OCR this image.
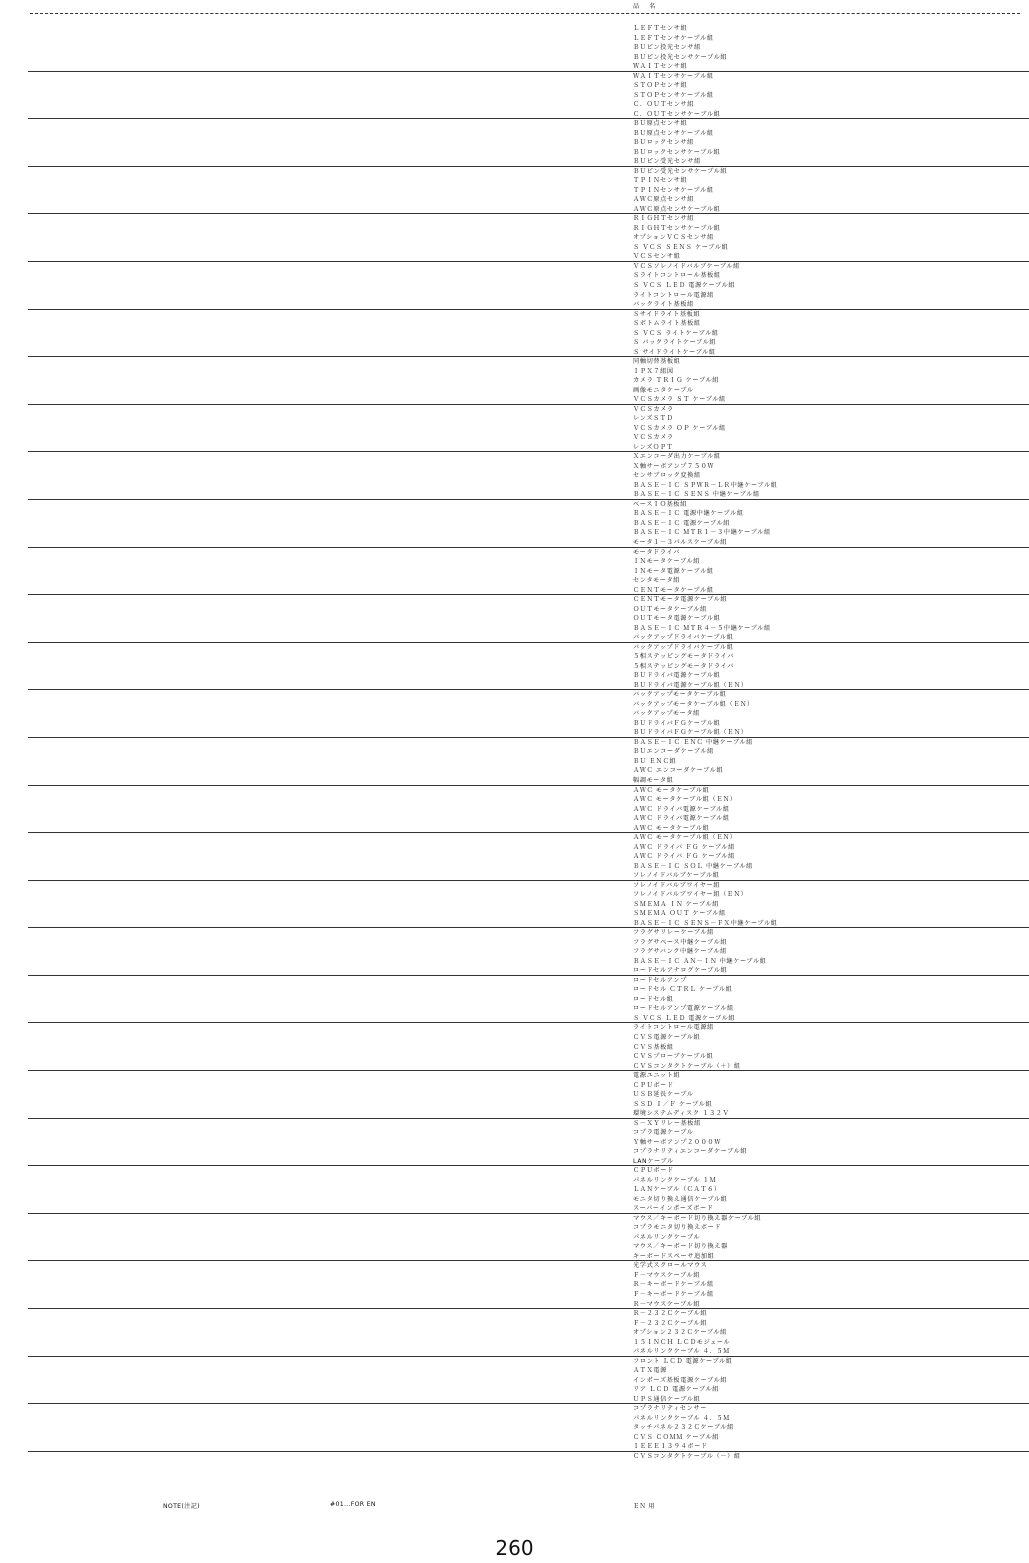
品 名
ＬＥＦＴセンサ組
ＬＥＦＴセンサケーブル組
ＢＵピン投光センサ組
ＢＵピン投光センサケーブル組
ＷＡＩＴセンサ組
ＷＡＩＴセンサケーブル組
ＳＴＯＰセンサ組
ＳＴＯＰセンサケーブル組
Ｃ．ＯＵＴセンサ組
Ｃ．ＯＵＴセンサケーブル組
ＢＵ原点センサ組
ＢＵ原点センサケーブル組
ＢＵロックセンサ組
ＢＵロックセンサケーブル組
ＢＵピン受光センサ組
ＢＵピン受光センサケーブル組
ＴＰＩＮセンサ組
ＴＰＩＮセンサケーブル組
ＡＷＣ原点センサ組
ＡＷＣ原点センサケーブル組
ＲＩＧＨＴセンサ組
ＲＩＧＨＴセンサケーブル組
オプションＶＣＳセンサ組
Ｓ ＶＣＳ ＳＥＮＳ ケーブル組
ＶＣＳセンサ組
ＶＣＳソレノイドバルブケーブル組
Ｓライトコントロール基板組
Ｓ ＶＣＳ ＬＥＤ 電源ケーブル組
ライトコントロール電源組
バックライト基板組
Ｓサイドライト基板組
Ｓボトムライト基板組
Ｓ ＶＣＳ ライトケーブル組
Ｓ バックライトケーブル組
Ｓ サイドライトケーブル組
同軸切替基板組
ＩＰＸ７組図
カメラ ＴＲＩＧ ケーブル組
画像モニタケーブル
ＶＣＳカメラ ＳＴ ケーブル組
ＶＣＳカメラ
レンズＳＴＤ
ＶＣＳカメラ ＯＰ ケーブル組
ＶＣＳカメラ
レンズＯＰＴ
Ｘエンコーダ出力ケーブル組
Ｘ軸サーボアンプ７５０Ｗ
センサブロック変換組
ＢＡＳＥ－ＩＣ ＳＰＷＲ－ＬＲ中継ケーブル組
ＢＡＳＥ－ＩＣ ＳＥＮＳ 中継ケーブル組
ベースＩＯ基板組
ＢＡＳＥ－ＩＣ 電源中継ケーブル組
ＢＡＳＥ－ＩＣ 電源ケーブル組
ＢＡＳＥ－ＩＣ ＭＴＲ１－３中継ケーブル組
モータ１－３パルスケーブル組
モータドライバ
ＩＮモータケーブル組
ＩＮモータ電源ケーブル組
センタモータ組
ＣＥＮＴモータケーブル組
ＣＥＮＴモータ電源ケーブル組
ＯＵＴモータケーブル組
ＯＵＴモータ電源ケーブル組
ＢＡＳＥ－ＩＣ ＭＴＲ４－５中継ケーブル組
バックアップドライバケーブル組
バックアップドライバケーブル組
５相ステッピングモータドライバ
５相ステッピングモータドライバ
ＢＵドライバ電源ケーブル組
ＢＵドライバ電源ケーブル組（ＥＮ）
バックアップモータケーブル組
バックアップモータケーブル組（ＥＮ）
バックアップモータ組
ＢＵドライバＦＧケーブル組
ＢＵドライバＦＧケーブル組（ＥＮ）
ＢＡＳＥ－ＩＣ ＥＮＣ 中継ケーブル組
ＢＵエンコーダケーブル組
ＢＵ ＥＮＣ組
ＡＷＣ エンコーダケーブル組
幅調モータ組
ＡＷＣ モータケーブル組
ＡＷＣ モータケーブル組（ＥＮ）
ＡＷＣ ドライバ電源ケーブル組
ＡＷＣ ドライバ電源ケーブル組
ＡＷＣ モータケーブル組
ＡＷＣ モータケーブル組（ＥＮ）
ＡＷＣ ドライバ ＦＧ ケーブル組
ＡＷＣ ドライバ ＦＧ ケーブル組
ＢＡＳＥ－ＩＣ ＳＯＬ 中継ケーブル組
ソレノイドバルブケーブル組
ソレノイドバルブワイヤー組
ソレノイドバルブワイヤー組（ＥＮ）
ＳＭＥＭＡ ＩＮ ケーブル組
ＳＭＥＭＡ ＯＵＴ ケーブル組
ＢＡＳＥ－ＩＣ ＳＥＮＳ－ＦＸ中継ケーブル組
フラグサリレーケーブル組
フラグサベース中継ケーブル組
フラグサバンク中継ケーブル組
ＢＡＳＥ－ＩＣ ＡＮ－ＩＮ 中継ケーブル組
ロードセルアナログケーブル組
ロードセルアンプ
ロードセル ＣＴＲＬ ケーブル組
ロードセル組
ロードセルアンプ電源ケーブル組
Ｓ ＶＣＳ ＬＥＤ 電源ケーブル組
ライトコントロール電源組
ＣＶＳ電源ケーブル組
ＣＶＳ基板組
ＣＶＳプローブケーブル組
ＣＶＳコンタクトケーブル（＋）組
電源ユニット組
ＣＰＵボード
ＵＳＢ延長ケーブル
ＳＳＤ Ｉ／Ｆ ケーブル組
環境システムディスク １３２Ｖ
Ｓ－ＸＹリレー基板組
コプラ電源ケーブル
Ｙ軸サーボアンプ２０００Ｗ
コプラナリティエンコーダケーブル組
LANケーブル
ＣＰＵボード
パネルリンクケーブル １Ｍ
ＬＡＮケーブル（ＣＡＴ６）
モニタ切り換え通信ケーブル組
スーパーインポーズボード
マウス／キーボード切り換え器ケーブル組
コプラモニタ切り換えボード
パネルリンクケーブル
マウス／キーボード切り換え器
キーボードスペーサ追加組
光学式スクロールマウス
Ｆ－マウスケーブル組
Ｒ－キーボードケーブル組
Ｆ－キーボードケーブル組
Ｒ－マウスケーブル組
Ｒ－２３２Ｃケーブル組
Ｆ－２３２Ｃケーブル組
オプション２３２Ｃケーブル組
１５ＩＮＣＨ ＬＣＤモジュール
パネルリンクケーブル ４．５Ｍ
フロント ＬＣＤ 電源ケーブル組
ＡＴＸ電源
インポーズ基板電源ケーブル組
リア ＬＣＤ 電源ケーブル組
ＵＰＳ通信ケーブル組
コプラナリティセンサー
パネルリンクケーブル ４．５Ｍ
タッチパネル２３２Ｃケーブル組
ＣＶＳ ＣＯＭＭ ケーブル組
ＩＥＥＥ１３９４ボード
ＣＶＳコンタクトケーブル（－）組
NOTE(注記)	#01...FOR EN	ＥＮ 用
260
